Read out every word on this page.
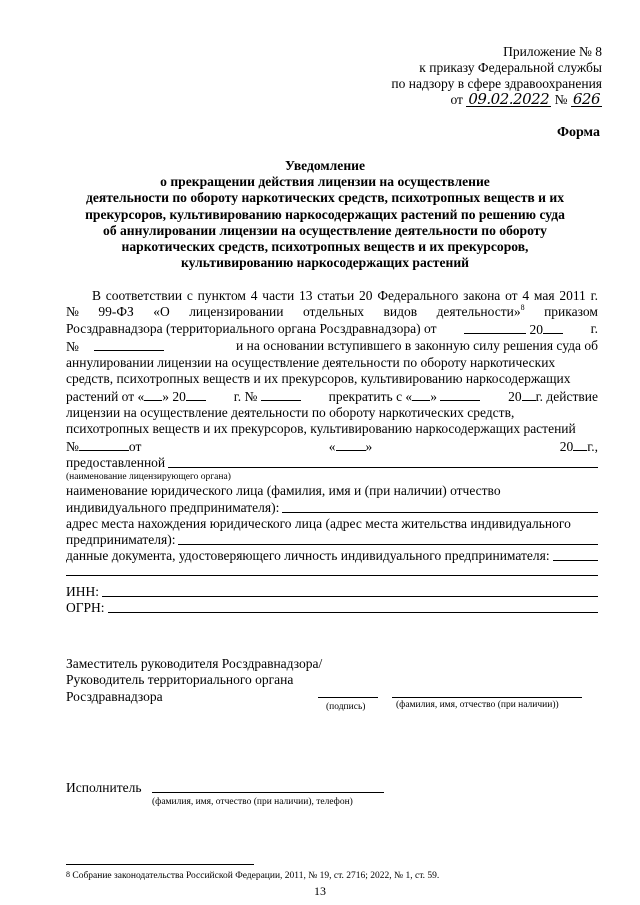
Приложение № 8
к приказу Федеральной службы
по надзору в сфере здравоохранения
от 09.02.2022 № 626
Форма
Уведомление
о прекращении действия лицензии на осуществление
деятельности по обороту наркотических средств, психотропных веществ и их
прекурсоров, культивированию наркосодержащих растений по решению суда
об аннулировании лицензии на осуществление деятельности по обороту
наркотических средств, психотропных веществ и их прекурсоров,
культивированию наркосодержащих растений
В соответствии с пунктом 4 части 13 статьи 20 Федерального закона от 4 мая 2011 г.
№ 99-ФЗ «О лицензировании отдельных видов деятельности»$^8$ приказом
Росздравнадзора (территориального органа Росздравнадзора) от	20	г.
№	и на основании вступившего в законную силу решения суда об
аннулировании лицензии на осуществление деятельности по обороту наркотических
средств, психотропных веществ и их прекурсоров, культивированию наркосодержащих
растений от « » 20	г. №	прекратить с « »	20 г. действие
лицензии на осуществление деятельности по обороту наркотических средств,
психотропных веществ и их прекурсоров, культивированию наркосодержащих растений
№	от	« »	20 г.,
предоставленной
(наименование лицензирующего органа)
наименование юридического лица (фамилия, имя и (при наличии) отчество
индивидуального предпринимателя):
адрес места нахождения юридического лица (адрес места жительства индивидуального
предпринимателя):
данные документа, удостоверяющего личность индивидуального предпринимателя:
ИНН:
ОГРН:
Заместитель руководителя Росздравнадзора/
Руководитель территориального органа
Росздравнадзора
(подпись)	(фамилия, имя, отчество (при наличии))
Исполнитель
(фамилия, имя, отчество (при наличии), телефон)
$^8$ Собрание законодательства Российской Федерации, 2011, № 19, ст. 2716; 2022, № 1, ст. 59.
13
